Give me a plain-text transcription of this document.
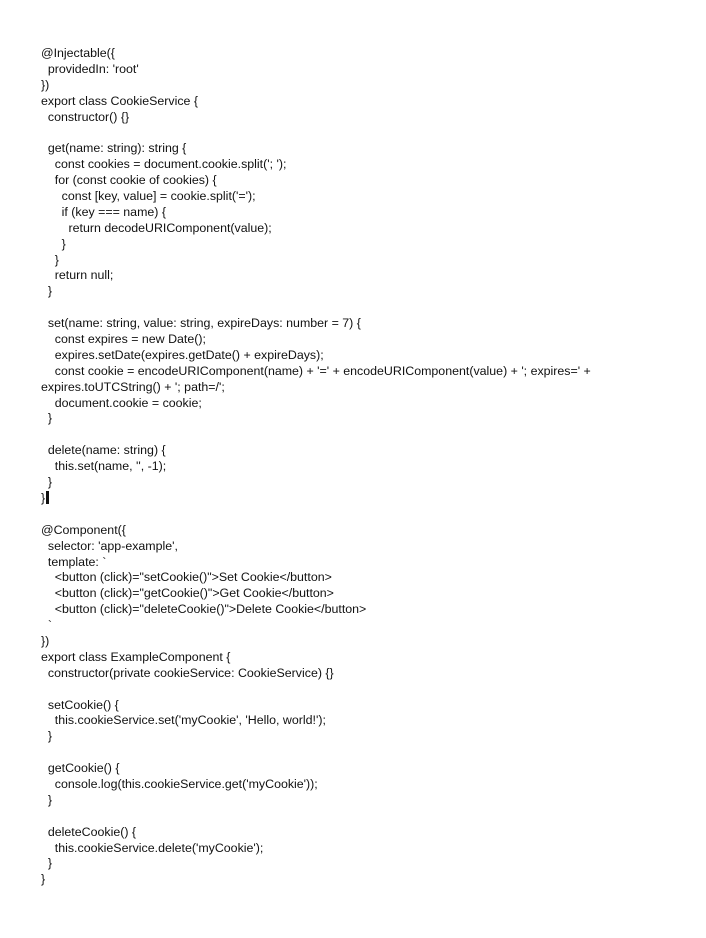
@Injectable({
providedIn: 'root'
})
export class CookieService {
constructor() {}
get(name: string): string {
const cookies = document.cookie.split('; ');
for (const cookie of cookies) {
const [key, value] = cookie.split('=');
if (key === name) {
return decodeURIComponent(value);
}
}
return null;
}
set(name: string, value: string, expireDays: number = 7) {
const expires = new Date();
expires.setDate(expires.getDate() + expireDays);
const cookie = encodeURIComponent(name) + '=' + encodeURIComponent(value) + '; expires=' +
expires.toUTCString() + '; path=/';
document.cookie = cookie;
}
delete(name: string) {
this.set(name, '', -1);
}
}
@Component({
selector: 'app-example',
template: `
<button (click)="setCookie()">Set Cookie</button>
<button (click)="getCookie()">Get Cookie</button>
<button (click)="deleteCookie()">Delete Cookie</button>
`
})
export class ExampleComponent {
constructor(private cookieService: CookieService) {}
setCookie() {
this.cookieService.set('myCookie', 'Hello, world!');
}
getCookie() {
console.log(this.cookieService.get('myCookie'));
}
deleteCookie() {
this.cookieService.delete('myCookie');
}
}
